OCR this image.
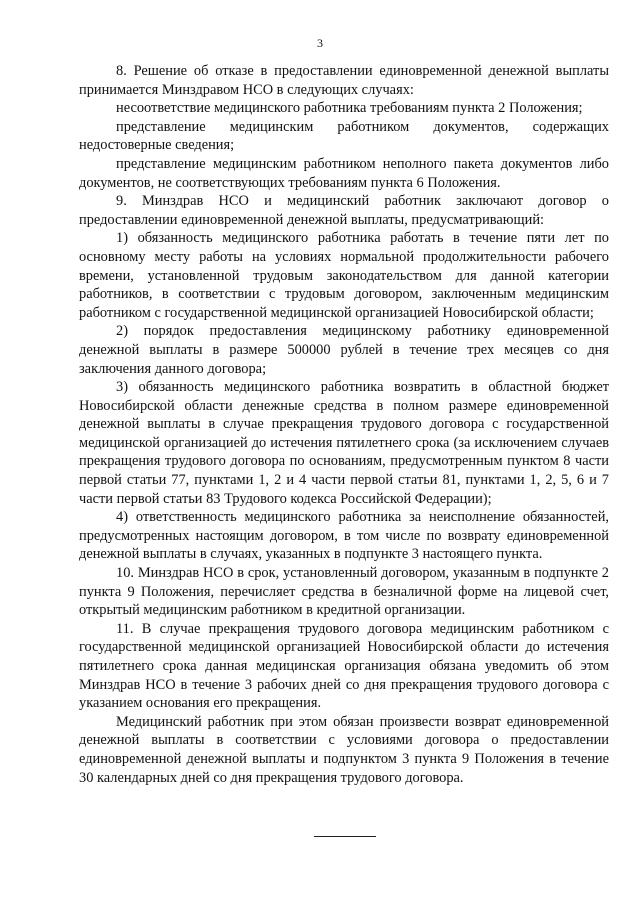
3

8. Решение об отказе в предоставлении единовременной денежной выплаты принимается Минздравом НСО в следующих случаях:

несоответствие медицинского работника требованиям пункта 2 Положения;

представление медицинским работником документов, содержащих недостоверные сведения;

представление медицинским работником неполного пакета документов либо документов, не соответствующих требованиям пункта 6 Положения.

9. Минздрав НСО и медицинский работник заключают договор о предоставлении единовременной денежной выплаты, предусматривающий:

1) обязанность медицинского работника работать в течение пяти лет по основному месту работы на условиях нормальной продолжительности рабочего времени, установленной трудовым законодательством для данной категории работников, в соответствии с трудовым договором, заключенным медицинским работником с государственной медицинской организацией Новосибирской области;

2) порядок предоставления медицинскому работнику единовременной денежной выплаты в размере 500000 рублей в течение трех месяцев со дня заключения данного договора;

3) обязанность медицинского работника возвратить в областной бюджет Новосибирской области денежные средства в полном размере единовременной денежной выплаты в случае прекращения трудового договора с государственной медицинской организацией до истечения пятилетнего срока (за исключением случаев прекращения трудового договора по основаниям, предусмотренным пунктом 8 части первой статьи 77, пунктами 1, 2 и 4 части первой статьи 81, пунктами 1, 2, 5, 6 и 7 части первой статьи 83 Трудового кодекса Российской Федерации);

4) ответственность медицинского работника за неисполнение обязанностей, предусмотренных настоящим договором, в том числе по возврату единовременной денежной выплаты в случаях, указанных в подпункте 3 настоящего пункта.

10. Минздрав НСО в срок, установленный договором, указанным в подпункте 2 пункта 9 Положения, перечисляет средства в безналичной форме на лицевой счет, открытый медицинским работником в кредитной организации.

11. В случае прекращения трудового договора медицинским работником с государственной медицинской организацией Новосибирской области до истечения пятилетнего срока данная медицинская организация обязана уведомить об этом Минздрав НСО в течение 3 рабочих дней со дня прекращения трудового договора с указанием основания его прекращения.

Медицинский работник при этом обязан произвести возврат единовременной денежной выплаты в соответствии с условиями договора о предоставлении единовременной денежной выплаты и подпунктом 3 пункта 9 Положения в течение 30 календарных дней со дня прекращения трудового договора.
